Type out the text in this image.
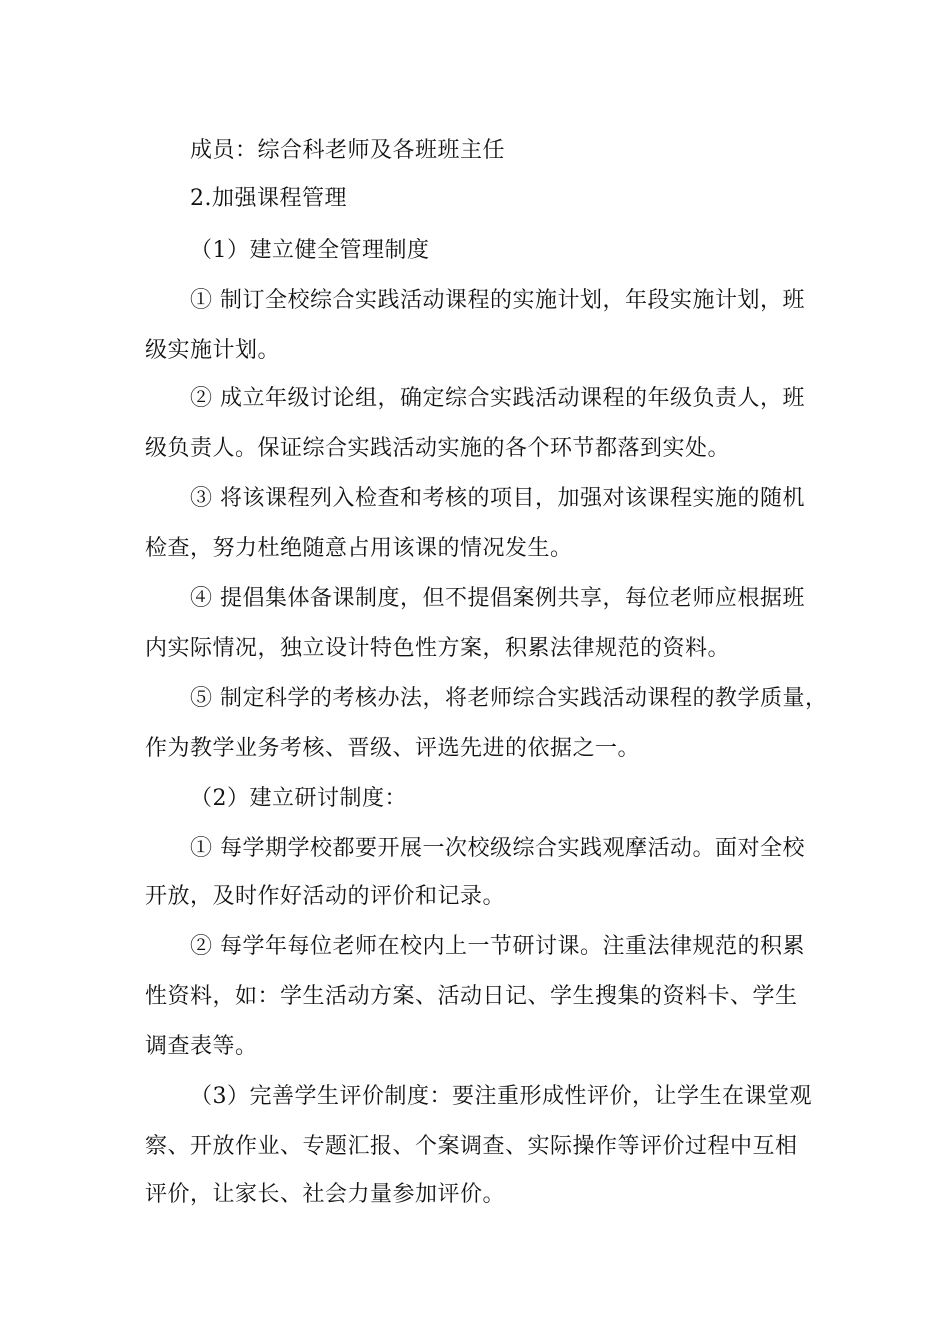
成员：综合科老师及各班班主任
2.加强课程管理
（1）建立健全管理制度
① 制订全校综合实践活动课程的实施计划，年段实施计划，班
级实施计划。
② 成立年级讨论组，确定综合实践活动课程的年级负责人，班
级负责人。保证综合实践活动实施的各个环节都落到实处。
③ 将该课程列入检查和考核的项目，加强对该课程实施的随机
检查，努力杜绝随意占用该课的情况发生。
④ 提倡集体备课制度，但不提倡案例共享，每位老师应根据班
内实际情况，独立设计特色性方案，积累法律规范的资料。
⑤ 制定科学的考核办法，将老师综合实践活动课程的教学质量，
作为教学业务考核、晋级、评选先进的依据之一。
（2）建立研讨制度：
① 每学期学校都要开展一次校级综合实践观摩活动。面对全校
开放，及时作好活动的评价和记录。
② 每学年每位老师在校内上一节研讨课。注重法律规范的积累
性资料，如：学生活动方案、活动日记、学生搜集的资料卡、学生
调查表等。
（3）完善学生评价制度：要注重形成性评价，让学生在课堂观
察、开放作业、专题汇报、个案调查、实际操作等评价过程中互相
评价，让家长、社会力量参加评价。
